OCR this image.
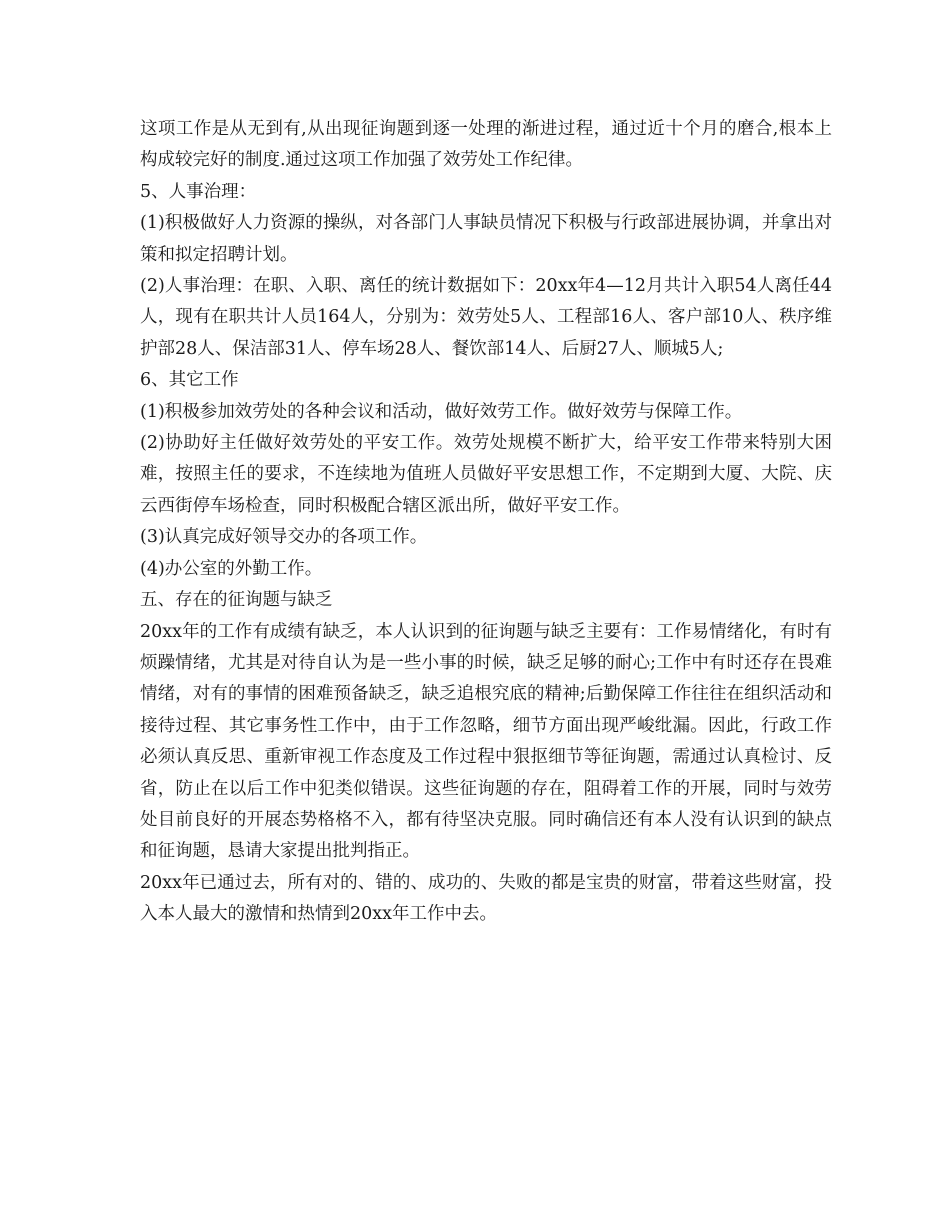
这项工作是从无到有,从出现征询题到逐一处理的渐进过程，通过近十个月的磨合,根本上构成较完好的制度.通过这项工作加强了效劳处工作纪律。

5、人事治理：

(1)积极做好人力资源的操纵，对各部门人事缺员情况下积极与行政部进展协调，并拿出对策和拟定招聘计划。

(2)人事治理：在职、入职、离任的统计数据如下：20xx年4—12月共计入职54人离任44人，现有在职共计人员164人，分别为：效劳处5人、工程部16人、客户部10人、秩序维护部28人、保洁部31人、停车场28人、餐饮部14人、后厨27人、顺城5人;

6、其它工作

(1)积极参加效劳处的各种会议和活动，做好效劳工作。做好效劳与保障工作。

(2)协助好主任做好效劳处的平安工作。效劳处规模不断扩大，给平安工作带来特别大困难，按照主任的要求，不连续地为值班人员做好平安思想工作，不定期到大厦、大院、庆云西街停车场检查，同时积极配合辖区派出所，做好平安工作。

(3)认真完成好领导交办的各项工作。

(4)办公室的外勤工作。

五、存在的征询题与缺乏

20xx年的工作有成绩有缺乏，本人认识到的征询题与缺乏主要有：工作易情绪化，有时有烦躁情绪，尤其是对待自认为是一些小事的时候，缺乏足够的耐心;工作中有时还存在畏难情绪，对有的事情的困难预备缺乏，缺乏追根究底的精神;后勤保障工作往往在组织活动和接待过程、其它事务性工作中，由于工作忽略，细节方面出现严峻纰漏。因此，行政工作必须认真反思、重新审视工作态度及工作过程中狠抠细节等征询题，需通过认真检讨、反省，防止在以后工作中犯类似错误。这些征询题的存在，阻碍着工作的开展，同时与效劳处目前良好的开展态势格格不入，都有待坚决克服。同时确信还有本人没有认识到的缺点和征询题，恳请大家提出批判指正。

20xx年已通过去，所有对的、错的、成功的、失败的都是宝贵的财富，带着这些财富，投入本人最大的激情和热情到20xx年工作中去。
